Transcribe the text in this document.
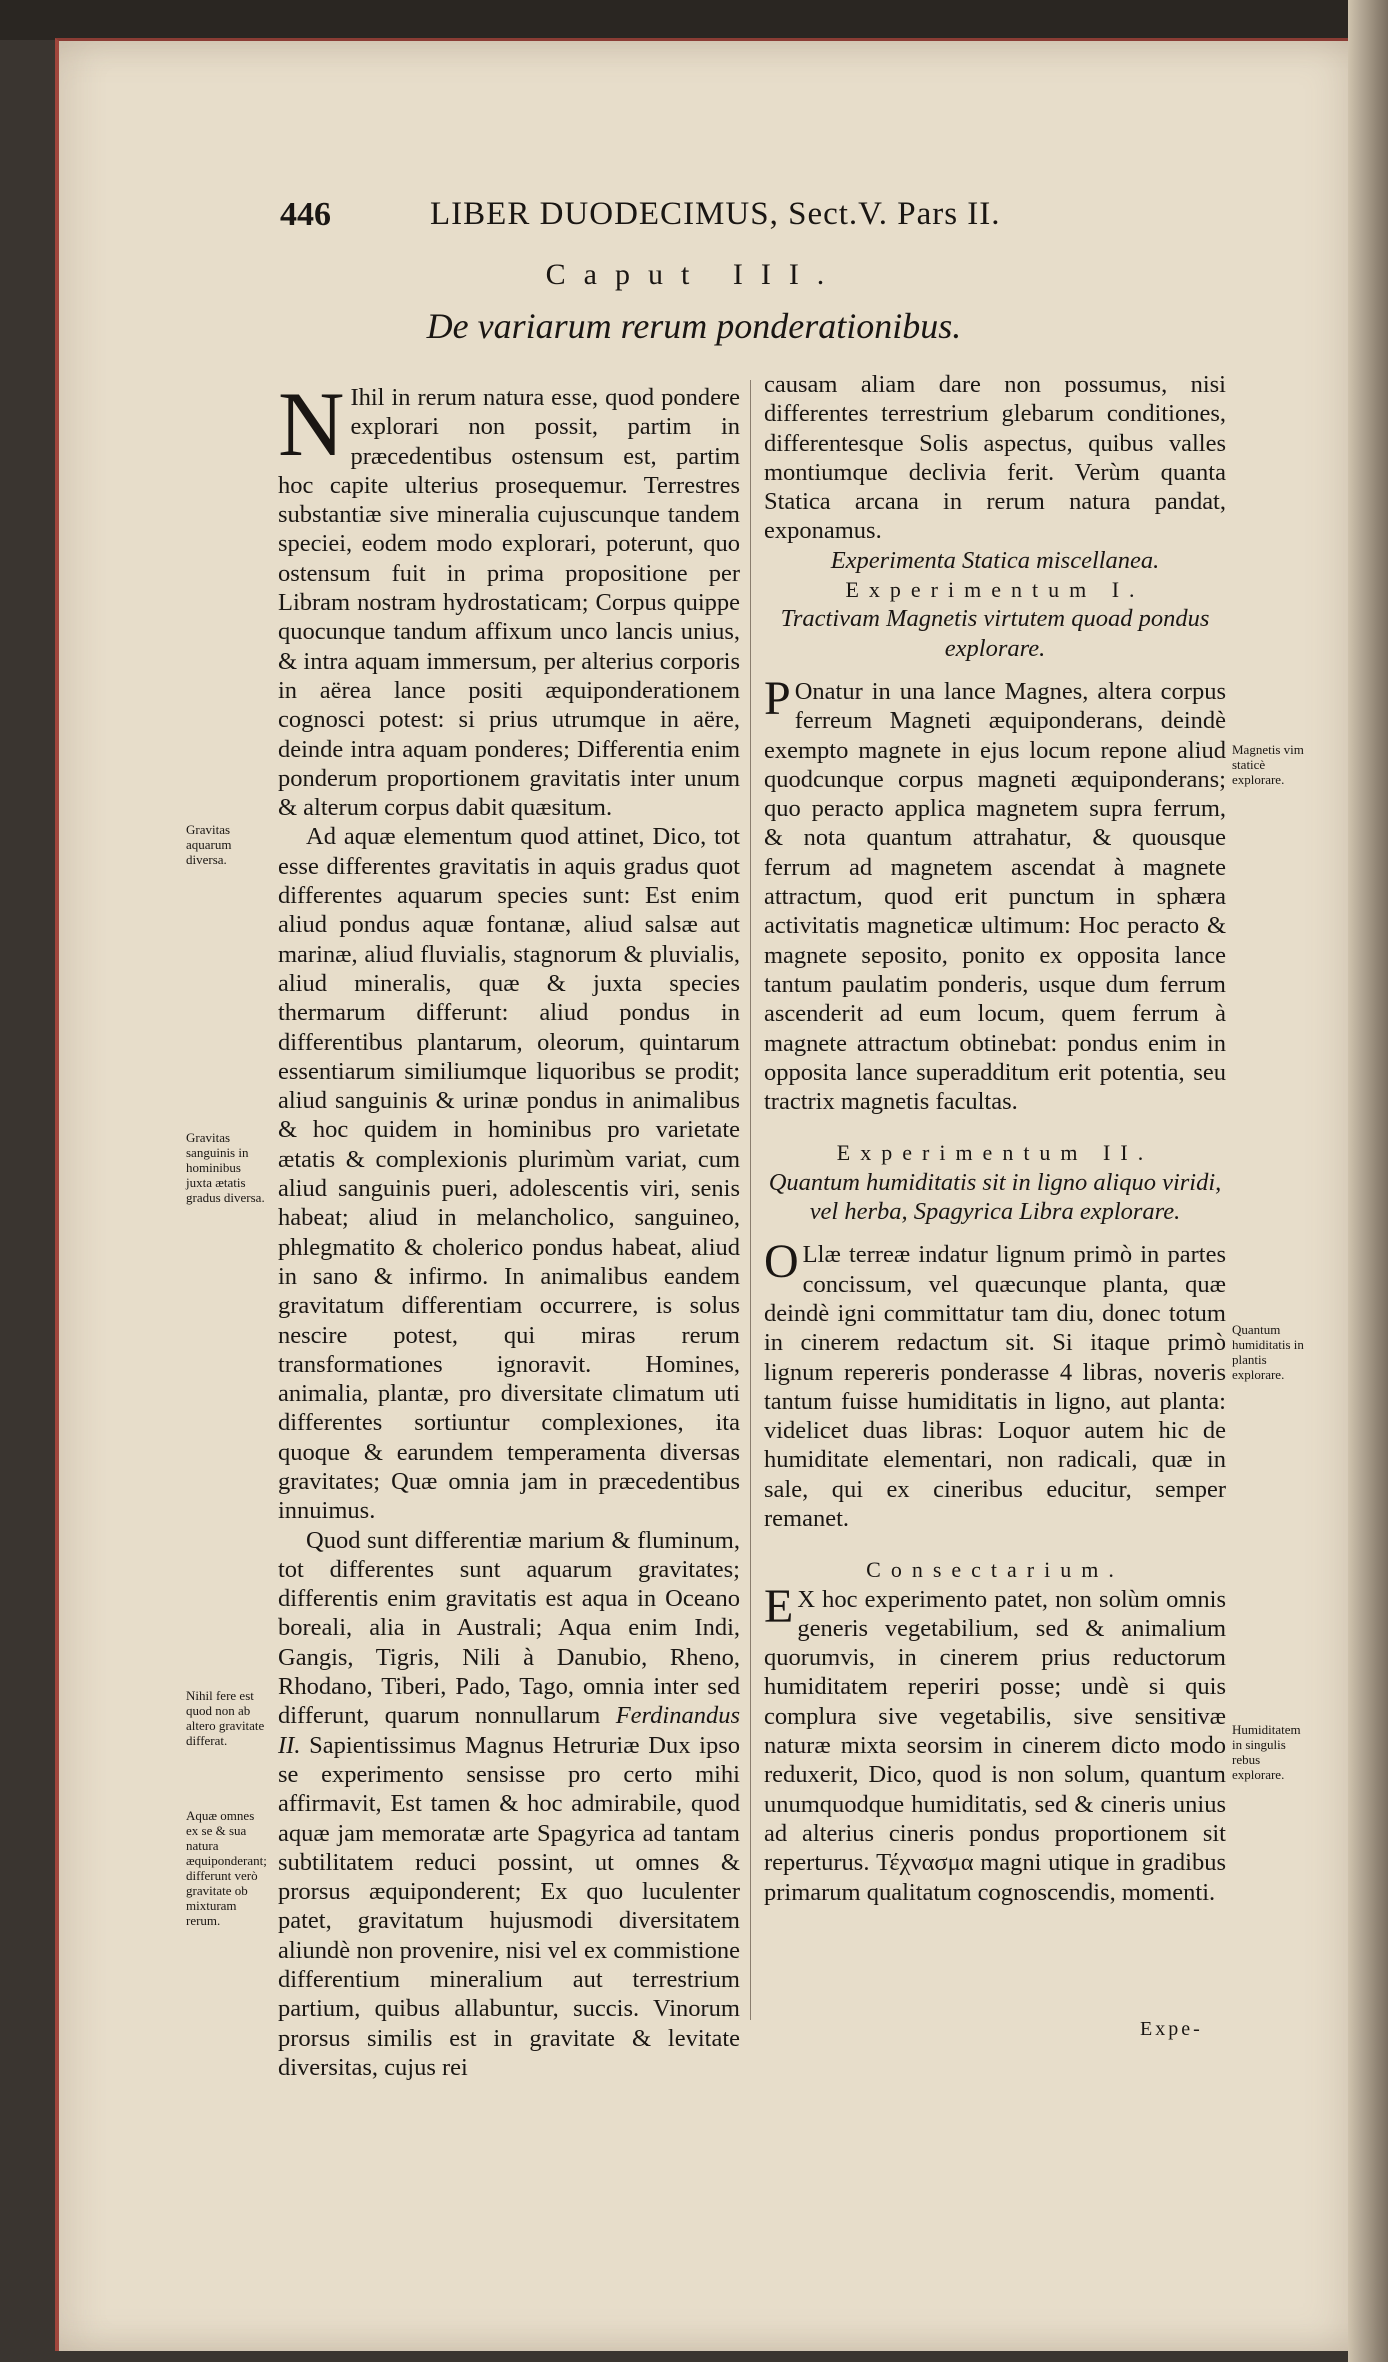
446	LIBER DUODECIMUS, Sect.V. Pars II.
Caput III.
De variarum rerum ponderationibus.

N Ihil in rerum natura esse, quod pondere explorari non possit, partim in præcedentibus ostensum est, partim hoc capite ulterius prosequemur. Terrestres substantiæ sive mineralia cujuscunque tandem speciei, eodem modo explorari, poterunt, quo ostensum fuit in prima propositione per Libram nostram hydrostaticam; Corpus quippe quocunque tandum affixum unco lancis unius, & intra aquam immersum, per alterius corporis in aërea lance positi æquiponderationem cognosci potest: si prius utrumque in aëre, deinde intra aquam ponderes; Differentia enim ponderum proportionem gravitatis inter unum & alterum corpus dabit quæsitum.

Ad aquæ elementum quod attinet, Dico, tot esse differentes gravitatis in aquis gradus quot differentes aquarum species sunt: Est enim aliud pondus aquæ fontanæ, aliud salsæ aut marinæ, aliud fluvialis, stagnorum & pluvialis, aliud mineralis, quæ & juxta species thermarum differunt: aliud pondus in differentibus plantarum, oleorum, quintarum essentiarum similiumque liquoribus se prodit; aliud sanguinis & urinæ pondus in animalibus & hoc quidem in hominibus pro varietate ætatis & complexionis plurimùm variat, cum aliud sanguinis pueri, adolescentis viri, senis habeat; aliud in melancholico, sanguineo, phlegmatito & cholerico pondus habeat, aliud in sano & infirmo. In animalibus eandem gravitatum differentiam occurrere, is solus nescire potest, qui miras rerum transformationes ignoravit. Homines, animalia, plantæ, pro diversitate climatum uti differentes sortiuntur complexiones, ita quoque & earundem temperamenta diversas gravitates; Quæ omnia jam in præcedentibus innuimus.

Quod sunt differentiæ marium & fluminum, tot differentes sunt aquarum gravitates; differentis enim gravitatis est aqua in Oceano boreali, alia in Australi; Aqua enim Indi, Gangis, Tigris, Nili à Danubio, Rheno, Rhodano, Tiberi, Pado, Tago, omnia inter sed differunt, quarum nonnullarum Ferdinandus II. Sapientissimus Magnus Hetruriæ Dux ipso se experimento sensisse pro certo mihi affirmavit, Est tamen & hoc admirabile, quod aquæ jam memoratæ arte Spagyrica ad tantam subtilitatem reduci possint, ut omnes & prorsus æquiponderent; Ex quo luculenter patet, gravitatum hujusmodi diversitatem aliundè non provenire, nisi vel ex commistione differentium mineralium aut terrestrium partium, quibus allabuntur, succis. Vinorum prorsus similis est in gravitate & levitate diversitas, cujus rei

causam aliam dare non possumus, nisi differentes terrestrium glebarum conditiones, differentesque Solis aspectus, quibus valles montiumque declivia ferit. Verùm quanta Statica arcana in rerum natura pandat, exponamus.

Experimenta Statica miscellanea.

Experimentum I.

Tractivam Magnetis virtutem quoad pondus explorare.

P Onatur in una lance Magnes, altera corpus ferreum Magneti æquiponderans, deindè exempto magnete in ejus locum repone aliud quodcunque corpus magneti æquiponderans; quo peracto applica magnetem supra ferrum, & nota quantum attrahatur, & quousque ferrum ad magnetem ascendat à magnete attractum, quod erit punctum in sphæra activitatis magneticæ ultimum: Hoc peracto & magnete seposito, ponito ex opposita lance tantum paulatim ponderis, usque dum ferrum ascenderit ad eum locum, quem ferrum à magnete attractum obtinebat: pondus enim in opposita lance superadditum erit potentia, seu tractrix magnetis facultas.

Experimentum II.

Quantum humiditatis sit in ligno aliquo viridi, vel herba, Spagyrica Libra explorare.

O Llæ terreæ indatur lignum primò in partes concissum, vel quæcunque planta, quæ deindè igni committatur tam diu, donec totum in cinerem redactum sit. Si itaque primò lignum repereris ponderasse 4 libras, noveris tantum fuisse humiditatis in ligno, aut planta: videlicet duas libras: Loquor autem hic de humiditate elementari, non radicali, quæ in sale, qui ex cineribus educitur, semper remanet.

Consectarium.

E X hoc experimento patet, non solùm omnis generis vegetabilium, sed & animalium quorumvis, in cinerem prius reductorum humiditatem reperiri posse; undè si quis complura sive vegetabilis, sive sensitivæ naturæ mixta seorsim in cinerem dicto modo reduxerit, Dico, quod is non solum, quantum unumquodque humiditatis, sed & cineris unius ad alterius cineris pondus proportionem sit reperturus. Τέχνασμα magni utique in gradibus primarum qualitatum cognoscendis, momenti.

Gravitas aquarum diversa.
Gravitas sanguinis in hominibus juxta ætatis gradus diversa.
Nihil fere est quod non ab altero gravitate differat.
Aquæ omnes ex se & sua natura æquiponderant; differunt verò gravitate ob mixturam rerum.
Magnetis vim staticè explorare.
Quantum humiditatis in plantis explorare.
Humiditatem in singulis rebus explorare.
Expe-
